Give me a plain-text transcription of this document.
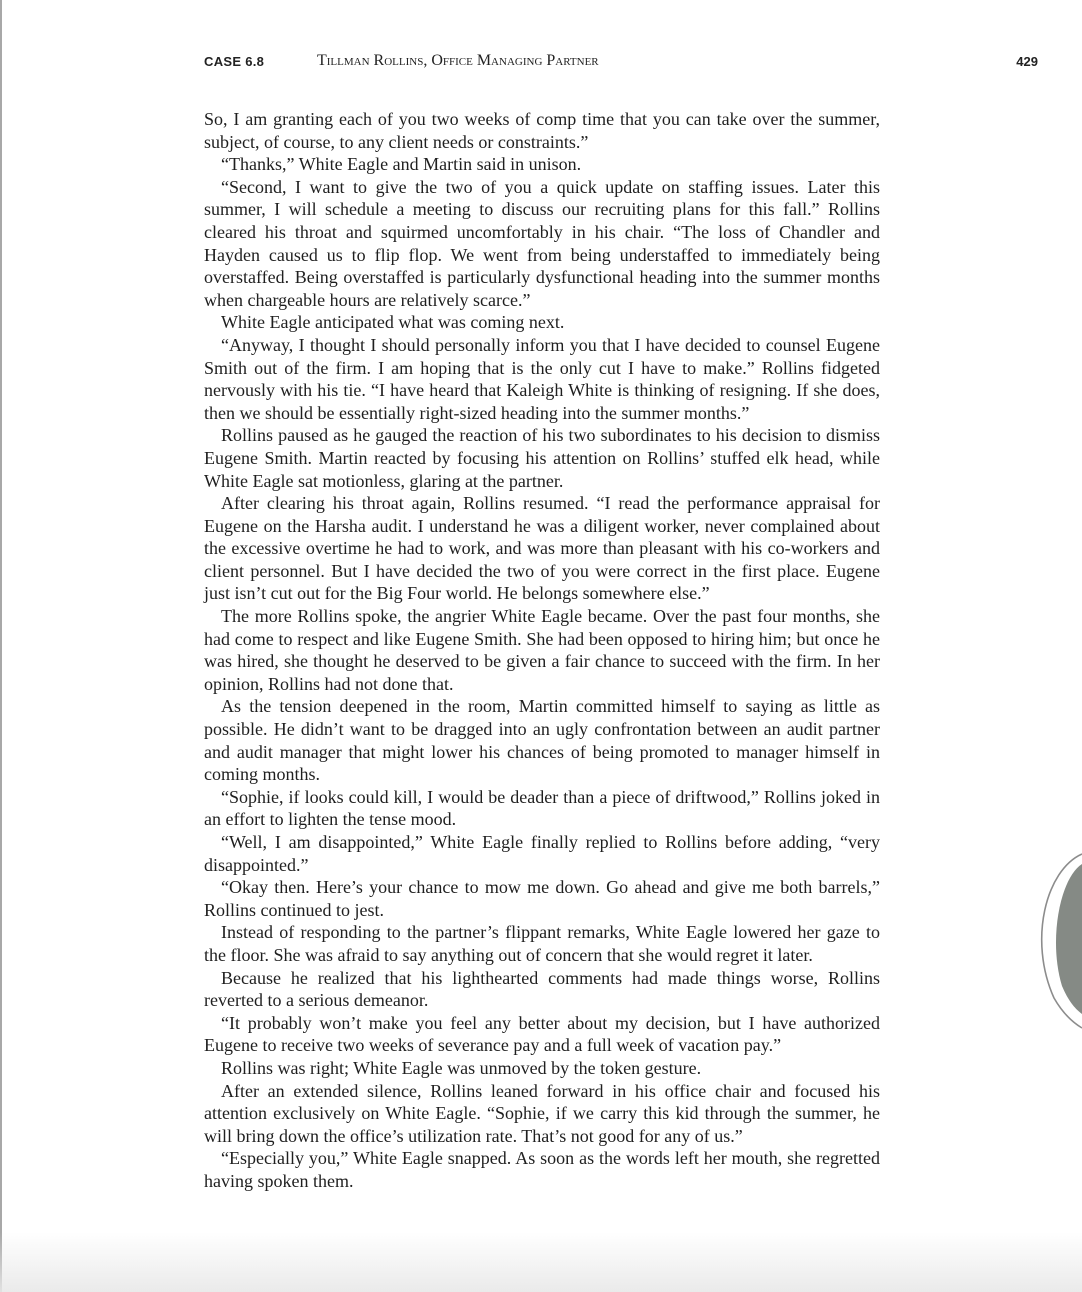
CASE 6.8	Tillman Rollins, Office Managing Partner	429

So, I am granting each of you two weeks of comp time that you can take over the summer, subject, of course, to any client needs or constraints.”

“Thanks,” White Eagle and Martin said in unison.

“Second, I want to give the two of you a quick update on staffing issues. Later this summer, I will schedule a meeting to discuss our recruiting plans for this fall.” Rollins cleared his throat and squirmed uncomfortably in his chair. “The loss of Chandler and Hayden caused us to flip flop. We went from being understaffed to immediately being overstaffed. Being overstaffed is particularly dysfunctional heading into the summer months when chargeable hours are relatively scarce.”

White Eagle anticipated what was coming next.

“Anyway, I thought I should personally inform you that I have decided to counsel Eugene Smith out of the firm. I am hoping that is the only cut I have to make.” Rollins fidgeted nervously with his tie. “I have heard that Kaleigh White is thinking of resigning. If she does, then we should be essentially right-sized heading into the summer months.”

Rollins paused as he gauged the reaction of his two subordinates to his decision to dismiss Eugene Smith. Martin reacted by focusing his attention on Rollins’ stuffed elk head, while White Eagle sat motionless, glaring at the partner.

After clearing his throat again, Rollins resumed. “I read the performance appraisal for Eugene on the Harsha audit. I understand he was a diligent worker, never complained about the excessive overtime he had to work, and was more than pleasant with his co-workers and client personnel. But I have decided the two of you were correct in the first place. Eugene just isn’t cut out for the Big Four world. He belongs somewhere else.”

The more Rollins spoke, the angrier White Eagle became. Over the past four months, she had come to respect and like Eugene Smith. She had been opposed to hiring him; but once he was hired, she thought he deserved to be given a fair chance to succeed with the firm. In her opinion, Rollins had not done that.

As the tension deepened in the room, Martin committed himself to saying as little as possible. He didn’t want to be dragged into an ugly confrontation between an audit partner and audit manager that might lower his chances of being promoted to manager himself in coming months.

“Sophie, if looks could kill, I would be deader than a piece of driftwood,” Rollins joked in an effort to lighten the tense mood.

“Well, I am disappointed,” White Eagle finally replied to Rollins before adding, “very disappointed.”

“Okay then. Here’s your chance to mow me down. Go ahead and give me both barrels,” Rollins continued to jest.

Instead of responding to the partner’s flippant remarks, White Eagle lowered her gaze to the floor. She was afraid to say anything out of concern that she would regret it later.

Because he realized that his lighthearted comments had made things worse, Rollins reverted to a serious demeanor.

“It probably won’t make you feel any better about my decision, but I have authorized Eugene to receive two weeks of severance pay and a full week of vacation pay.”

Rollins was right; White Eagle was unmoved by the token gesture.

After an extended silence, Rollins leaned forward in his office chair and focused his attention exclusively on White Eagle. “Sophie, if we carry this kid through the summer, he will bring down the office’s utilization rate. That’s not good for any of us.”

“Especially you,” White Eagle snapped. As soon as the words left her mouth, she regretted having spoken them.
